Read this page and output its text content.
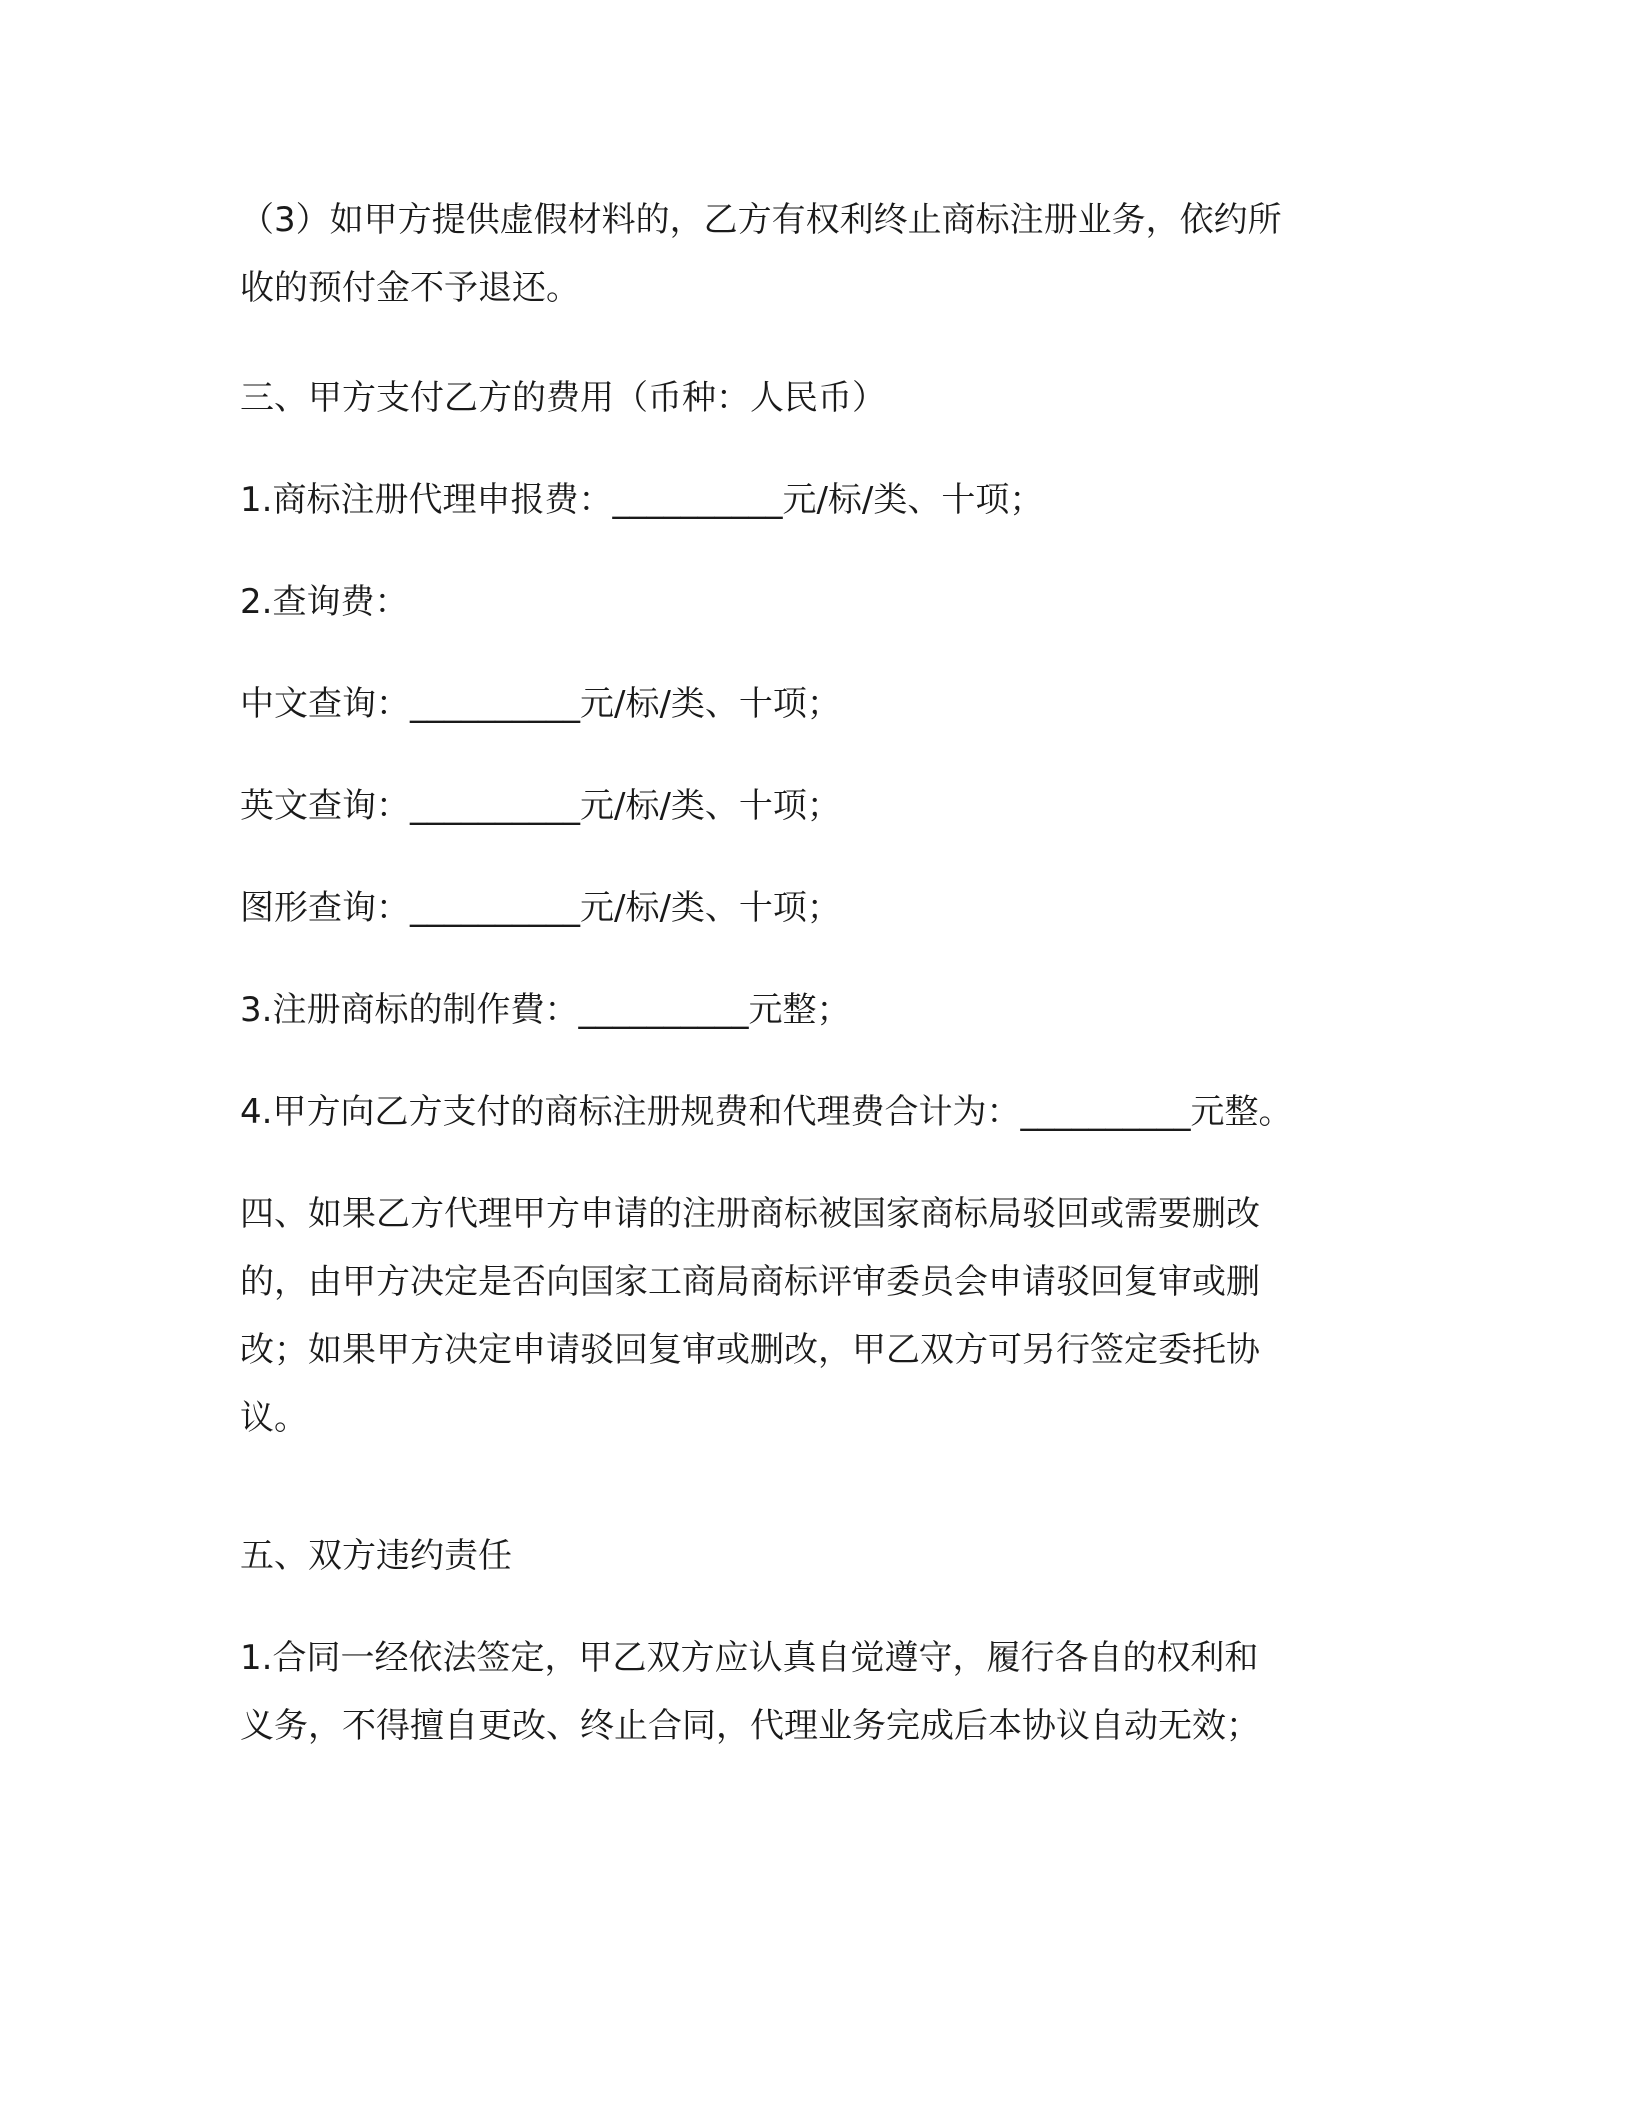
（3）如甲方提供虚假材料的，乙方有权利终止商标注册业务，依约所
收的预付金不予退还。
三、甲方支付乙方的费用（币种：人民币）
1.商标注册代理申报费：__________元/标/类、十项；
2.查询费：
中文查询：__________元/标/类、十项；
英文查询：__________元/标/类、十项；
图形查询：__________元/标/类、十项；
3.注册商标的制作費：__________元整；
4.甲方向乙方支付的商标注册规费和代理费合计为：__________元整。
四、如果乙方代理甲方申请的注册商标被国家商标局驳回或需要删改
的，由甲方决定是否向国家工商局商标评审委员会申请驳回复审或删
改；如果甲方决定申请驳回复审或删改，甲乙双方可另行签定委托协
议。
五、双方违约责任
1.合同一经依法签定，甲乙双方应认真自觉遵守，履行各自的权利和
义务，不得擅自更改、终止合同，代理业务完成后本协议自动无效；
